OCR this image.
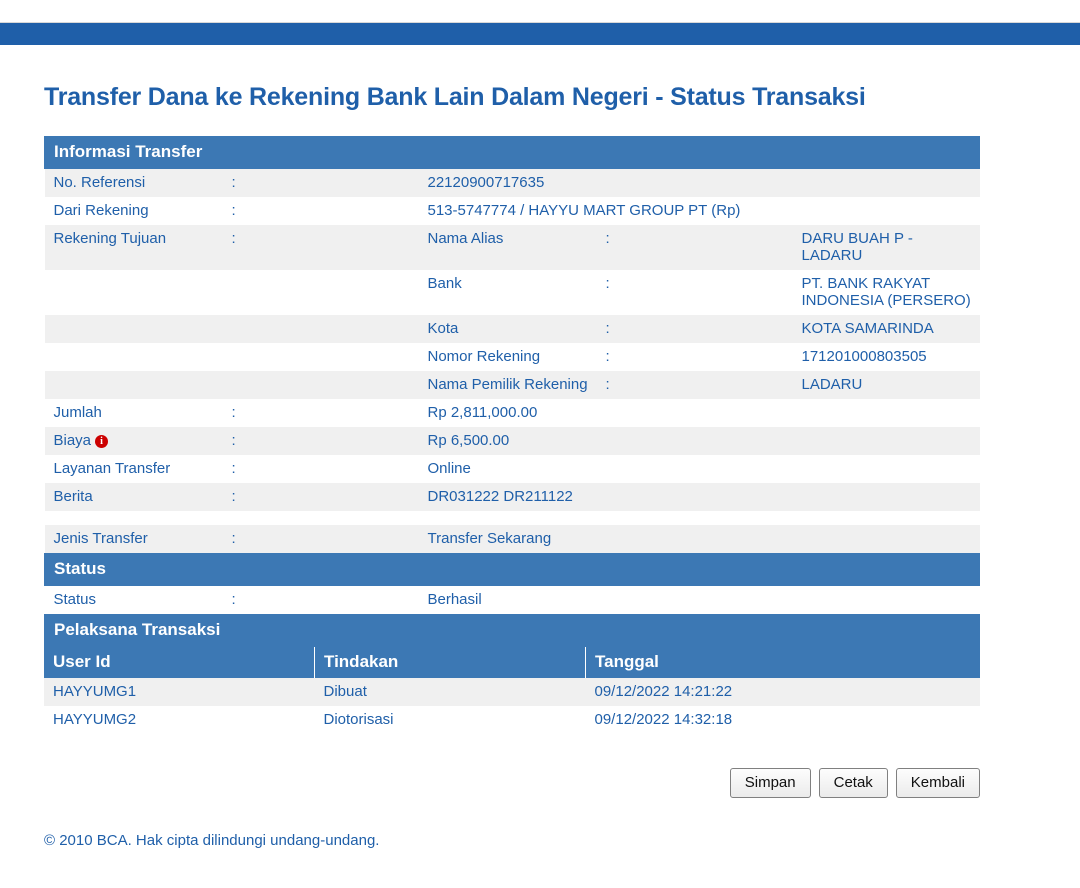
Transfer Dana ke Rekening Bank Lain Dalam Negeri - Status Transaksi
Informasi Transfer				
No. Referensi	:	22120900717635		
Dari Rekening	:	513-5747774 / HAYYU MART GROUP PT (Rp)		
Rekening Tujuan	:	Nama Alias	:	DARU BUAH P - LADARU
		Bank	:	PT. BANK RAKYAT INDONESIA (PERSERO)
		Kota	:	KOTA SAMARINDA
		Nomor Rekening	:	171201000803505
		Nama Pemilik Rekening	:	LADARU
Jumlah	:	Rp 2,811,000.00		
Biaya i	:	Rp 6,500.00		
Layanan Transfer	:	Online		
Berita	:	DR031222 DR211122		

Jenis Transfer	:	Transfer Sekarang		
Status				
Status	:	Berhasil		
Pelaksana Transaksi				
User Id	Tindakan	Tanggal
HAYYUMG1	Dibuat	09/12/2022 14:21:22
HAYYUMG2	Diotorisasi	09/12/2022 14:32:18
Simpan	Cetak	Kembali
© 2010 BCA. Hak cipta dilindungi undang-undang.
